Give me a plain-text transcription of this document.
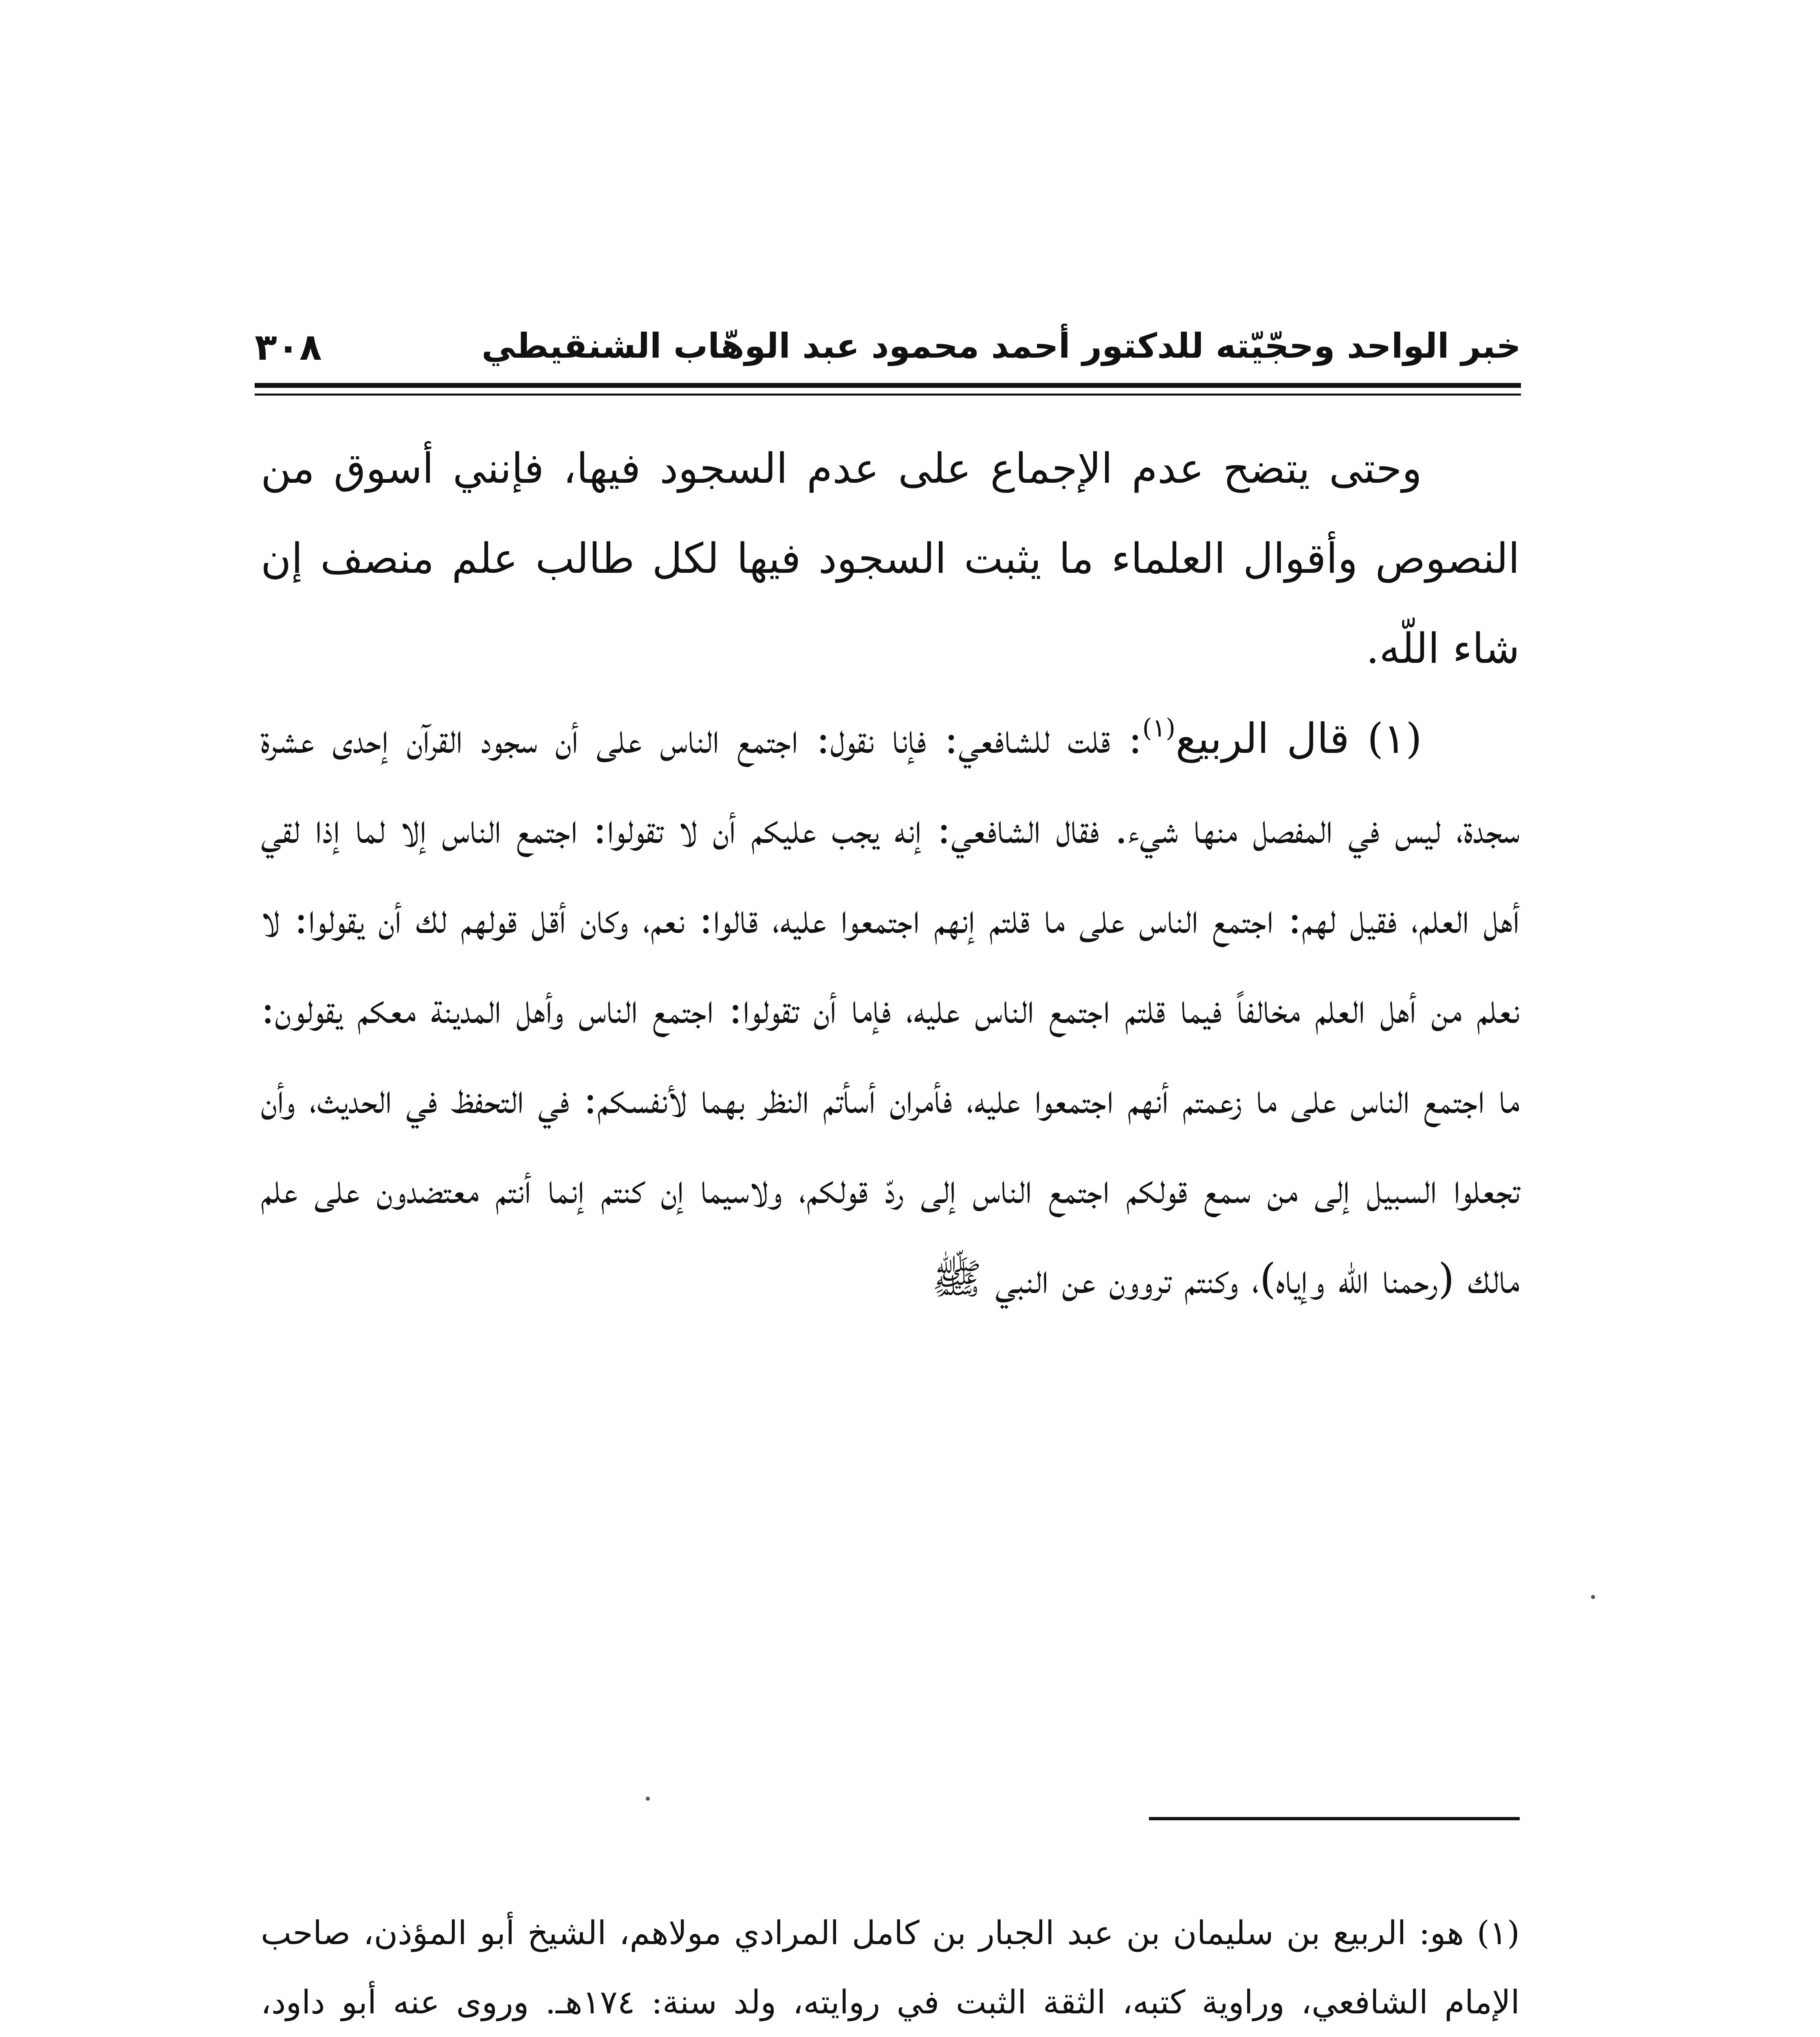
خبر الواحد وحجّيّته للدكتور أحمد محمود عبد الوهّاب الشنقيطي
٣٠٨

وحتى يتضح عدم الإجماع على عدم السجود فيها، فإنني أسوق من النصوص وأقوال العلماء ما يثبت السجود فيها لكل طالب علم منصف إن شاء اللّه.

(١) قال الربيع$^{(١)}$: قلت للشافعي: فإنا نقول: اجتمع الناس على أن سجود القرآن إحدى عشرة سجدة، ليس في المفصل منها شيء. فقال الشافعي: إنه يجب عليكم أن لا تقولوا: اجتمع الناس إلا لما إذا لقي أهل العلم، فقيل لهم: اجتمع الناس على ما قلتم إنهم اجتمعوا عليه، قالوا: نعم، وكان أقل قولهم لك أن يقولوا: لا نعلم من أهل العلم مخالفاً فيما قلتم اجتمع الناس عليه، فإما أن تقولوا: اجتمع الناس وأهل المدينة معكم يقولون: ما اجتمع الناس على ما زعمتم أنهم اجتمعوا عليه، فأمران أسأتم النظر بهما لأنفسكم: في التحفظ في الحديث، وأن تجعلوا السبيل إلى من سمع قولكم اجتمع الناس إلى ردّ قولكم، ولاسيما إن كنتم إنما أنتم معتضدون على علم مالك (رحمنا اللّه وإياه)، وكنتم تروون عن النبي ﷺ

(١) هو: الربيع بن سليمان بن عبد الجبار بن كامل المرادي مولاهم، الشيخ أبو المؤذن، صاحب الإمام الشافعي، وراوية كتبه، الثقة الثبت في روايته، ولد سنة: ١٧٤هـ. وروى عنه أبو داود،
